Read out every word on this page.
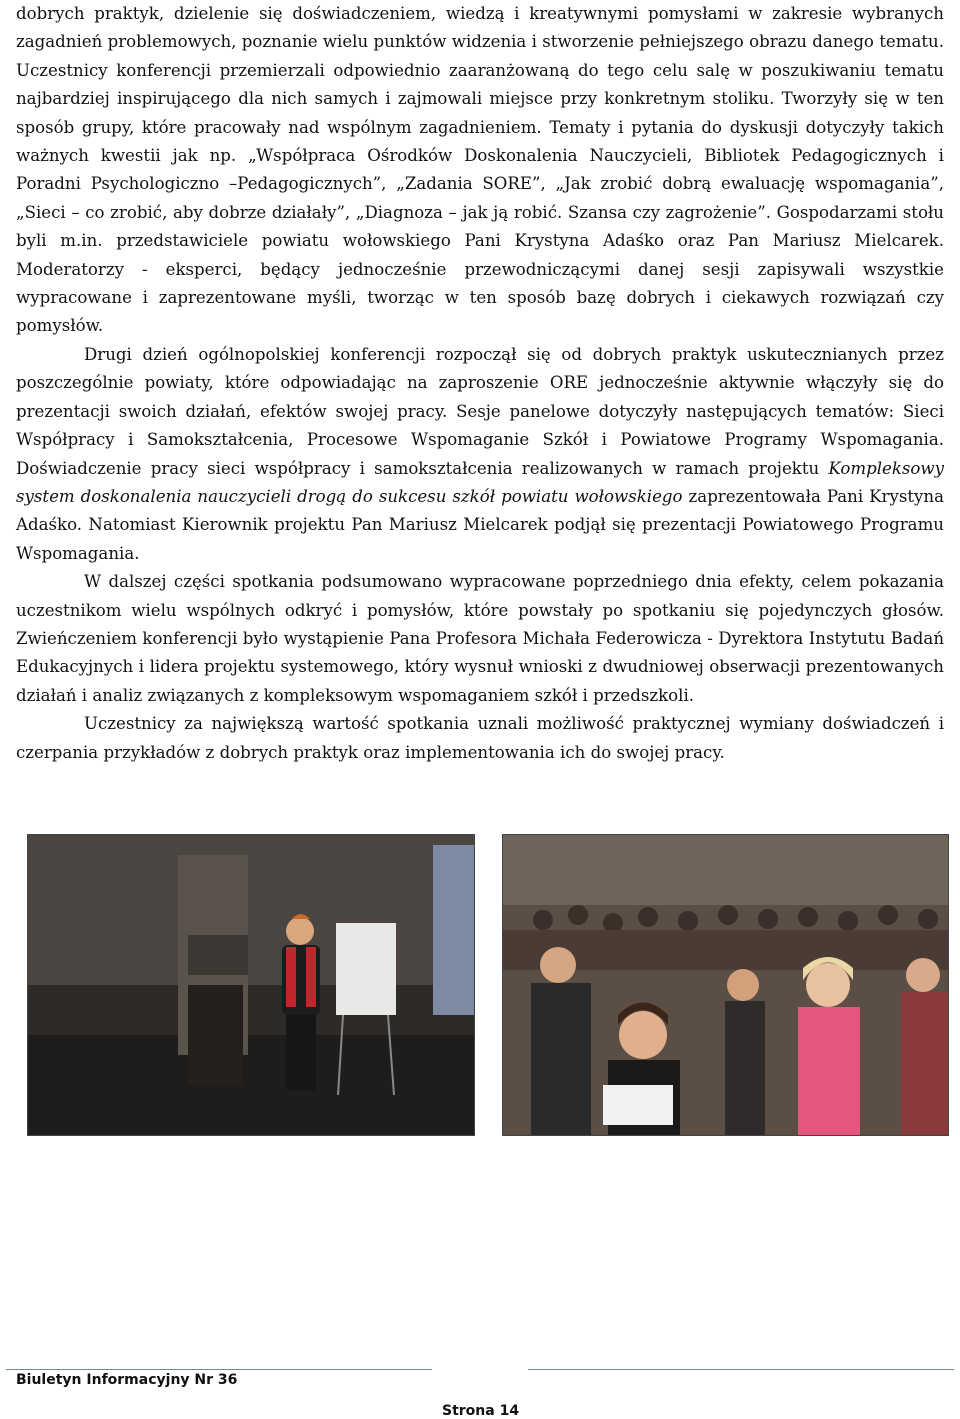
dobrych praktyk, dzielenie się doświadczeniem, wiedzą i kreatywnymi pomysłami w zakresie wybranych zagadnień problemowych, poznanie wielu punktów widzenia i stworzenie pełniejszego obrazu danego tematu. Uczestnicy konferencji przemierzali odpowiednio zaaranżowaną do tego celu salę w poszukiwaniu tematu najbardziej inspirującego dla nich samych i zajmowali miejsce przy konkretnym stoliku. Tworzyły się w ten sposób grupy, które pracowały nad wspólnym zagadnieniem. Tematy i pytania do dyskusji dotyczyły takich ważnych kwestii jak np. „Współpraca Ośrodków Doskonalenia Nauczycieli, Bibliotek Pedagogicznych i Poradni Psychologiczno –Pedagogicznych”, „Zadania SORE”, „Jak zrobić dobrą ewaluację wspomagania”, „Sieci – co zrobić, aby dobrze działały”, „Diagnoza – jak ją robić. Szansa czy zagrożenie”. Gospodarzami stołu byli m.in. przedstawiciele powiatu wołowskiego Pani Krystyna Adaśko oraz Pan Mariusz Mielcarek. Moderatorzy - eksperci, będący jednocześnie przewodniczącymi danej sesji zapisywali wszystkie wypracowane i zaprezentowane myśli, tworząc w ten sposób bazę dobrych i ciekawych rozwiązań czy pomysłów.

Drugi dzień ogólnopolskiej konferencji rozpoczął się od dobrych praktyk uskutecznianych przez poszczególnie powiaty, które odpowiadając na zaproszenie ORE jednocześnie aktywnie włączyły się do prezentacji swoich działań, efektów swojej pracy. Sesje panelowe dotyczyły następujących tematów: Sieci Współpracy i Samokształcenia, Procesowe Wspomaganie Szkół i Powiatowe Programy Wspomagania. Doświadczenie pracy sieci współpracy i samokształcenia realizowanych w ramach projektu Kompleksowy system doskonalenia nauczycieli drogą do sukcesu szkół powiatu wołowskiego zaprezentowała Pani Krystyna Adaśko. Natomiast Kierownik projektu Pan Mariusz Mielcarek podjął się prezentacji Powiatowego Programu Wspomagania.

W dalszej części spotkania podsumowano wypracowane poprzedniego dnia efekty, celem pokazania uczestnikom wielu wspólnych odkryć i pomysłów, które powstały po spotkaniu się pojedynczych głosów. Zwieńczeniem konferencji było wystąpienie Pana Profesora Michała Federowicza - Dyrektora Instytutu Badań Edukacyjnych i lidera projektu systemowego, który wysnuł wnioski z dwudniowej obserwacji prezentowanych działań i analiz związanych z kompleksowym wspomaganiem szkół i przedszkoli.

Uczestnicy za największą wartość spotkania uznali możliwość praktycznej wymiany doświadczeń i czerpania przykładów z dobrych praktyk oraz implementowania ich do swojej pracy.

Biuletyn Informacyjny Nr 36
Strona 14
